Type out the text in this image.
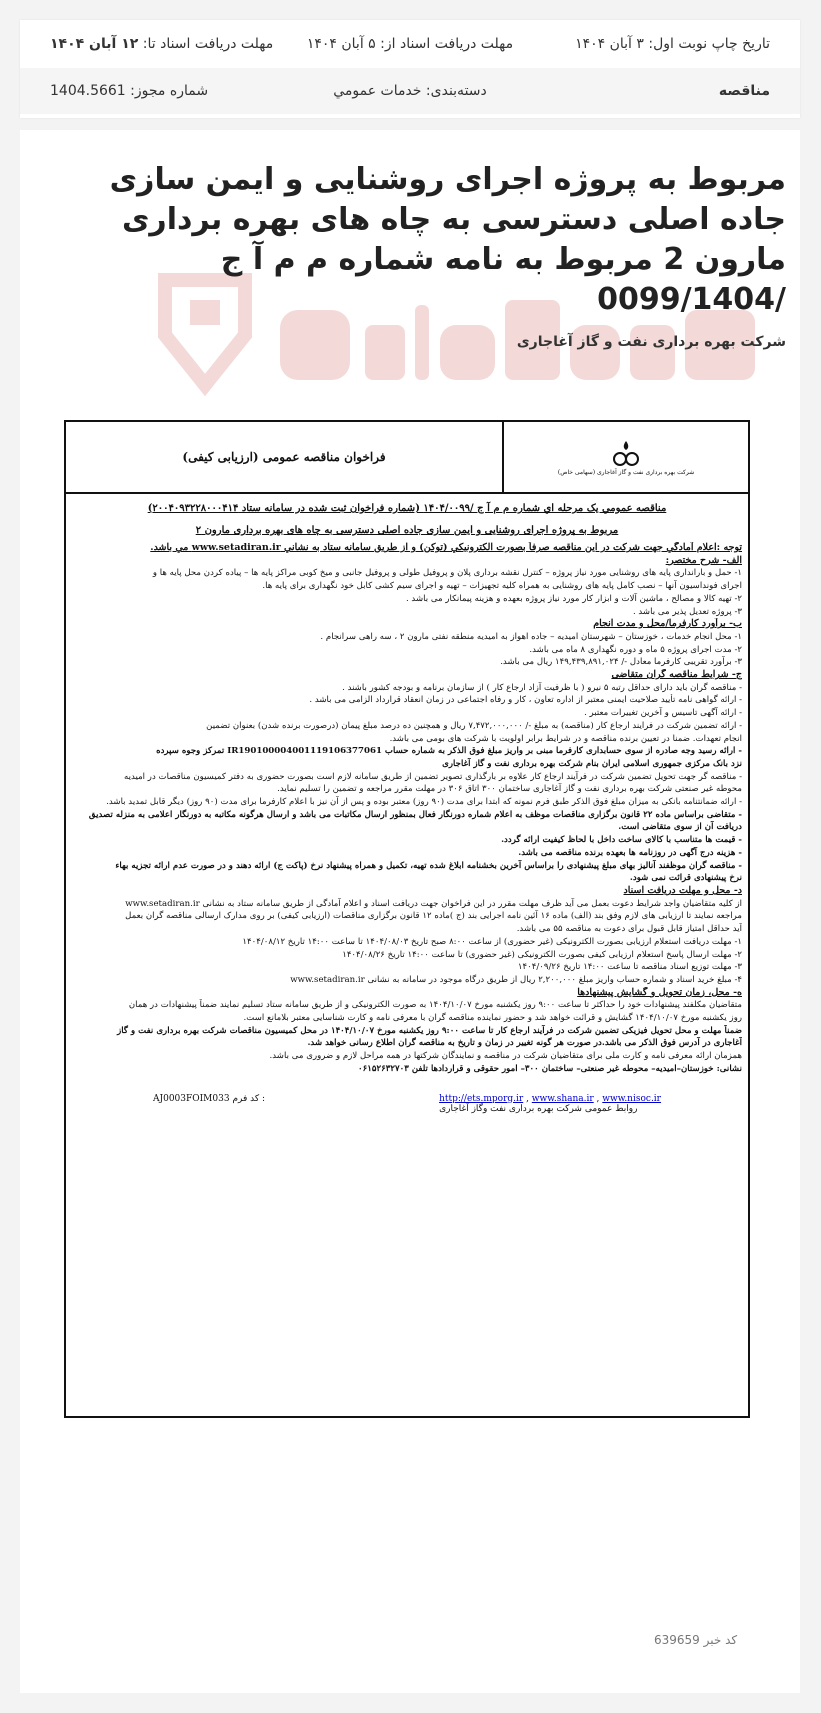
تاریخ چاپ نوبت اول: ۳ آبان ۱۴۰۴
مهلت دریافت اسناد از: ۵ آبان ۱۴۰۴
مهلت دریافت اسناد تا: ۱۲ آبان ۱۴۰۴
مناقصه
دسته‌بندی: خدمات عمومي
شماره مجوز: 1404.5661
مربوط به پروژه اجرای روشنایی و ایمن سازی جاده اصلی دسترسی به چاه های بهره برداری مارون 2 مربوط به نامه شماره م م آ ج /0099/1404
شرکت بهره برداری نفت و گاز آغاجاری
شرکت بهره برداری نفت و گاز آغاجاری (سهامی خاص)
فراخوان مناقصه عمومی (ارزیابی کیفی)
مناقصه عمومي يک مرحله اي شماره م م آ ج /۱۴۰۴/۰۰۹۹ (شماره فراخوان ثبت شده در سامانه ستاد ۲۰۰۴۰۹۳۲۲۸۰۰۰۴۱۴)
مربوط به پروژه اجرای روشنایی و ایمن سازی جاده اصلی دسترسی به چاه های بهره برداری مارون ۲
توجه :اعلام آمادگي جهت شرکت در اين مناقصه صرفاً بصورت الکترونيکي (توکن) و از طريق سامانه ستاد به نشاني www.setadiran.ir مي باشد.
الف- شرح مختصر:
۱- حمل و بارانداری پایه های روشنایی مورد نیاز پروژه – کنترل نقشه برداری پلان و پروفیل طولی و پروفیل جانبی و میخ کوبی مراکز پایه ها – پیاده کردن محل پایه ها و
اجرای فونداسیون آنها – نصب کامل پایه های روشنایی به همراه کلیه تجهیزات – تهیه و اجرای سیم کشی کابل خود نگهداری برای پایه ها.
۲- تهیه کالا و مصالح ، ماشین آلات و ابزار کار مورد نیاز پروژه بعهده و هزینه پیمانکار می باشد .
۳- پروژه تعدیل پذیر می باشد .
ب- برآورد کارفرما/محل و مدت انجام
۱- محل انجام خدمات ، خوزستان – شهرستان امیدیه – جاده اهواز به امیدیه منطقه نفتی مارون ۲ ، سه راهی سرانجام .
۲- مدت اجرای پروژه ۵ ماه و دوره نگهداری ۸ ماه می باشد.
۳- برآورد تقریبی کارفرما معادل -/ ۱۴۹,۴۳۹,۸۹۱,۰۲۴ ریال می باشد.
ج- شرایط مناقصه گران متقاضی
- مناقصه گران باید دارای حداقل رتبه ۵ نیرو ( با ظرفیت آزاد ارجاع کار ) از سازمان برنامه و بودجه کشور باشند .
- ارائه گواهی نامه تأیید صلاحیت ایمنی معتبر از اداره تعاون ، کار و رفاه اجتماعی در زمان انعقاد قرارداد الزامی می باشد .
- ارائه آگهی تاسیس و آخرین تغییرات معتبر .
- ارائه تضمین شرکت در فرایند ارجاع کار (مناقصه) به مبلغ -/ ۷,۴۷۲,۰۰۰,۰۰۰ ریال و همچنین ده درصد مبلغ پیمان (درصورت برنده شدن) بعنوان تضمین
انجام تعهدات. ضمنا در تعیین برنده مناقصه و در شرایط برابر اولویت با شرکت های بومی می باشد.
- ارائه رسید وجه صادره از سوی حسابداری کارفرما مبنی بر واریز مبلغ فوق الذکر به شماره حساب IR190100004001119106377061 تمرکز وجوه سپرده
نزد بانک مرکزی جمهوری اسلامی ایران بنام شرکت بهره برداری نفت و گاز آغاجاری
- مناقصه گر جهت تحویل تضمین شرکت در فرآیند ارجاع کار علاوه بر بارگذاری تصویر تضمین از طریق سامانه لازم است بصورت حضوری به دفتر کمیسیون مناقصات در امیدیه
محوطه غیر صنعتی شرکت بهره برداری نفت و گاز آغاجاری ساختمان ۳۰۰ اتاق ۳۰۶ در مهلت مقرر مراجعه و تضمین را تسلیم نماید.
- ارائه ضمانتنامه بانکی به میزان مبلغ فوق الذکر طبق فرم نمونه که ابتدا برای مدت (۹۰ روز) معتبر بوده و پس از آن نیز با اعلام کارفرما برای مدت (۹۰ روز) دیگر قابل تمدید باشد.
- متقاضی براساس ماده ۲۲ قانون برگزاری مناقصات موظف به اعلام شماره دورنگار فعال بمنظور ارسال مکاتبات می باشد و ارسال هرگونه مکاتبه به دورنگار اعلامی به منزله تصدیق
دریافت آن از سوی متقاضی است.
- قیمت ها متناسب با کالای ساخت داخل با لحاظ کیفیت ارائه گردد.
- هزینه درج آگهی در روزنامه ها بعهده برنده مناقصه می باشد.
- مناقصه گران موظفند آنالیز بهای مبلغ پیشنهادی را براساس آخرین بخشنامه ابلاغ شده تهیه، تکمیل و همراه پیشنهاد نرخ (پاکت ج) ارائه دهند و در صورت عدم ارائه تجزیه بهاء
نرخ پیشنهادی قرائت نمی شود.
د- محل و مهلت دریافت اسناد
از کلیه متقاضیان واجد شرایط دعوت بعمل می آید ظرف مهلت مقرر در این فراخوان جهت دریافت اسناد و اعلام آمادگی از طریق سامانه ستاد به نشانی www.setadiran.ir
مراجعه نمایند تا ارزیابی های لازم وفق بند (الف) ماده ۱۶ آئین نامه اجرایی بند (ج )ماده ۱۲ قانون برگزاری مناقصات (ارزیابی کیفی) بر روی مدارک ارسالی مناقصه گران بعمل
آید حداقل امتیاز قابل قبول برای دعوت به مناقصه ۵۵ می باشد.
۱- مهلت دریافت استعلام ارزیابی بصورت الکترونیکی (غیر حضوری) از ساعت ۸:۰۰ صبح تاریخ ۱۴۰۴/۰۸/۰۳ تا ساعت ۱۴:۰۰ تاریخ ۱۴۰۴/۰۸/۱۲
۲- مهلت ارسال پاسخ استعلام ارزیابی کیفی بصورت الکترونیکی (غیر حضوری) تا ساعت ۱۴:۰۰ تاریخ ۱۴۰۴/۰۸/۲۶
۳- مهلت توزیع اسناد مناقصه تا ساعت ۱۴:۰۰ تاریخ ۱۴۰۴/۰۹/۲۶
۴- مبلغ خرید اسناد و شماره حساب واریز مبلغ ۲,۲۰۰,۰۰۰ ریال از طریق درگاه موجود در سامانه به نشانی www.setadiran.ir
ه- محل، زمان تحویل و گشایش پیشنهادها
متقاضیان مکلفند پیشنهادات خود را حداکثر تا ساعت ۹:۰۰ روز یکشنبه مورخ ۱۴۰۴/۱۰/۰۷ به صورت الکترونیکی و از طریق سامانه ستاد تسلیم نمایند ضمناً پیشنهادات در همان
روز یکشنبه مورخ ۱۴۰۴/۱۰/۰۷ گشایش و قرائت خواهد شد و حضور نماینده مناقصه گران با معرفی نامه و کارت شناسایی معتبر بلامانع است.
ضمناً مهلت و محل تحویل فیزیکی تضمین شرکت در فرآیند ارجاع کار تا ساعت ۹:۰۰ روز یکشنبه مورخ ۱۴۰۴/۱۰/۰۷ در محل کمیسیون مناقصات شرکت بهره برداری نفت و گاز
آغاجاری در آدرس فوق الذکر می باشد.در صورت هر گونه تغییر در زمان و تاریخ به مناقصه گران اطلاع رسانی خواهد شد.
همزمان ارائه معرفی نامه و کارت ملی برای متقاضیان شرکت در مناقصه و نمایندگان شرکتها در همه مراحل لازم و ضروری می باشد.
نشانی: خوزستان–امیدیه– محوطه غیر صنعتی– ساختمان ۳۰۰– امور حقوقی و قراردادها تلفن ۰۶۱۵۲۶۳۲۷۰۳
AJ0003FOIM033 کد فرم :	http://ets.mporg.ir , www.shana.ir , www.nisoc.ir
روابط عمومی شرکت بهره برداری نفت وگاز آغاجاری
کد خبر 639659
